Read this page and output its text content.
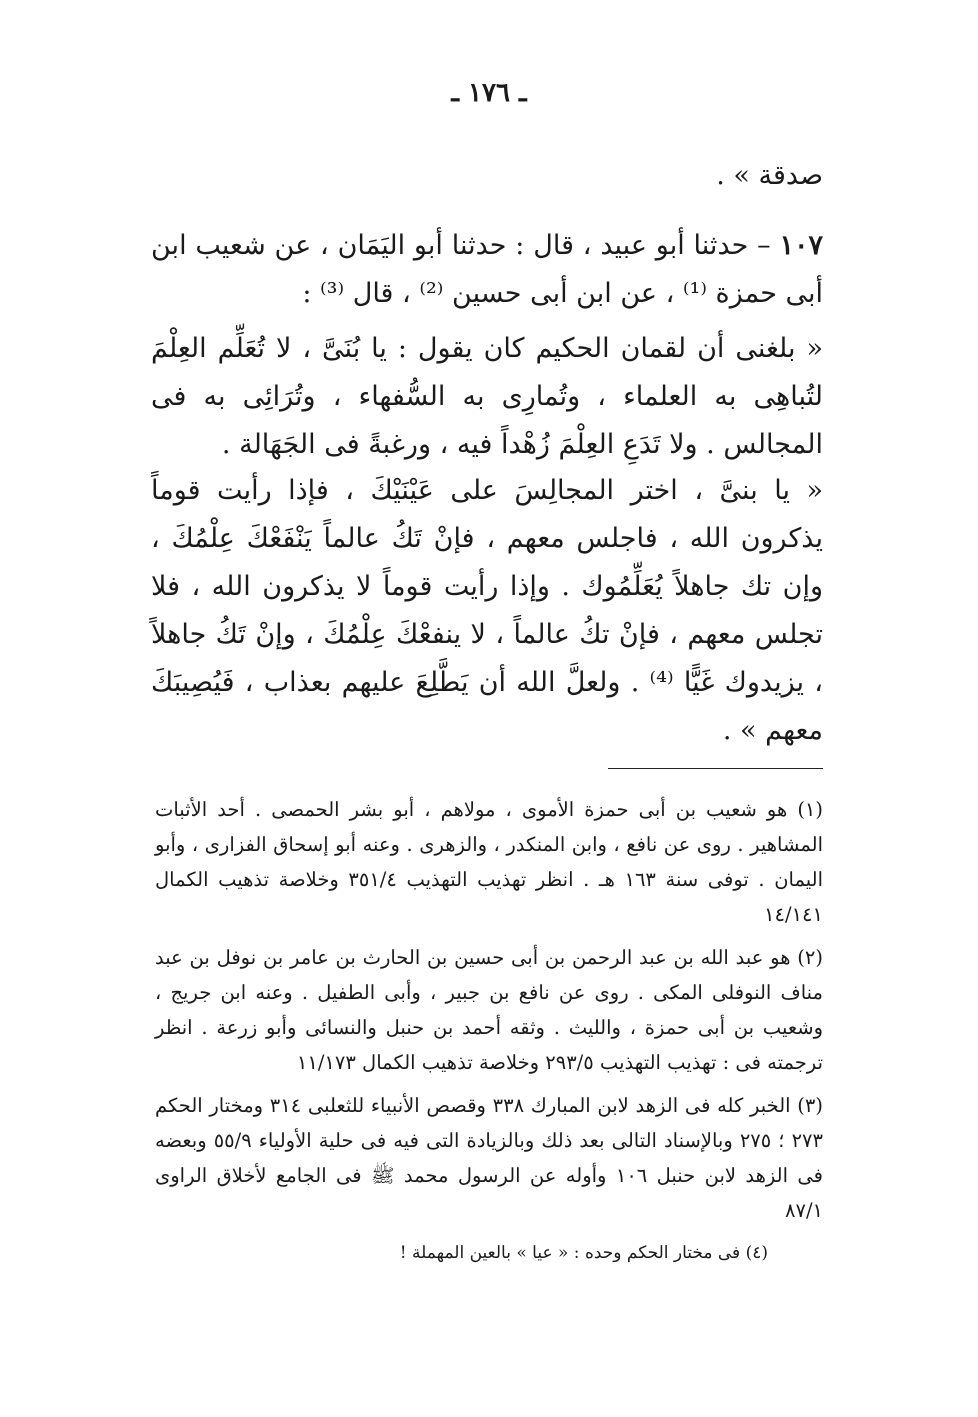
ـ ١٧٦ ـ
صدقة » .
١٠٧ – حدثنا أبو عبيد ، قال : حدثنا أبو اليَمَان ، عن شعيب ابن أبى حمزة ⁽¹⁾ ، عن ابن أبى حسين ⁽²⁾ ، قال ⁽³⁾ :
« بلغنى أن لقمان الحكيم كان يقول : يا بُنَىَّ ، لا تُعَلِّم العِلْمَ لتُباهِى به العلماء ، وتُمارِى به السُّفهاء ، وتُرَائِى به فى المجالس . ولا تَدَعِ العِلْمَ زُهْداً فيه ، ورغبةً فى الجَهَالة .
« يا بنىَّ ، اختر المجالِسَ على عَيْنَيْكَ ، فإذا رأيت قوماً يذكرون الله ، فاجلس معهم ، فإنْ تَكُ عالماً يَنْفَعْكَ عِلْمُكَ ، وإن تك جاهلاً يُعَلِّمُوك . وإذا رأيت قوماً لا يذكرون الله ، فلا تجلس معهم ، فإنْ تكُ عالماً ، لا ينفعْكَ عِلْمُكَ ، وإنْ تَكُ جاهلاً ، يزيدوك غَيًّا ⁽⁴⁾ . ولعلَّ الله أن يَطَّلِعَ عليهم بعذاب ، فَيُصِيبَكَ معهم » .
(١) هو شعيب بن أبى حمزة الأموى ، مولاهم ، أبو بشر الحمصى . أحد الأثبات المشاهير . روى عن نافع ، وابن المنكدر ، والزهرى . وعنه أبو إسحاق الفزارى ، وأبو اليمان . توفى سنة ١٦٣ هـ . انظر تهذيب التهذيب ٣٥١/٤ وخلاصة تذهيب الكمال ١٤/١٤١
(٢) هو عبد الله بن عبد الرحمن بن أبى حسين بن الحارث بن عامر بن نوفل بن عبد مناف النوفلى المكى . روى عن نافع بن جبير ، وأبى الطفيل . وعنه ابن جريج ، وشعيب بن أبى حمزة ، والليث . وثقه أحمد بن حنبل والنسائى وأبو زرعة . انظر ترجمته فى : تهذيب التهذيب ٢٩٣/٥ وخلاصة تذهيب الكمال ١١/١٧٣
(٣) الخبر كله فى الزهد لابن المبارك ٣٣٨ وقصص الأنبياء للثعلبى ٣١٤ ومختار الحكم ٢٧٣ ؛ ٢٧٥ وبالإسناد التالى بعد ذلك وبالزيادة التى فيه فى حلية الأولياء ٥٥/٩ وبعضه فى الزهد لابن حنبل ١٠٦ وأوله عن الرسول محمد ﷺ فى الجامع لأخلاق الراوى ٨٧/١
(٤) فى مختار الحكم وحده : « عيا » بالعين المهملة !
